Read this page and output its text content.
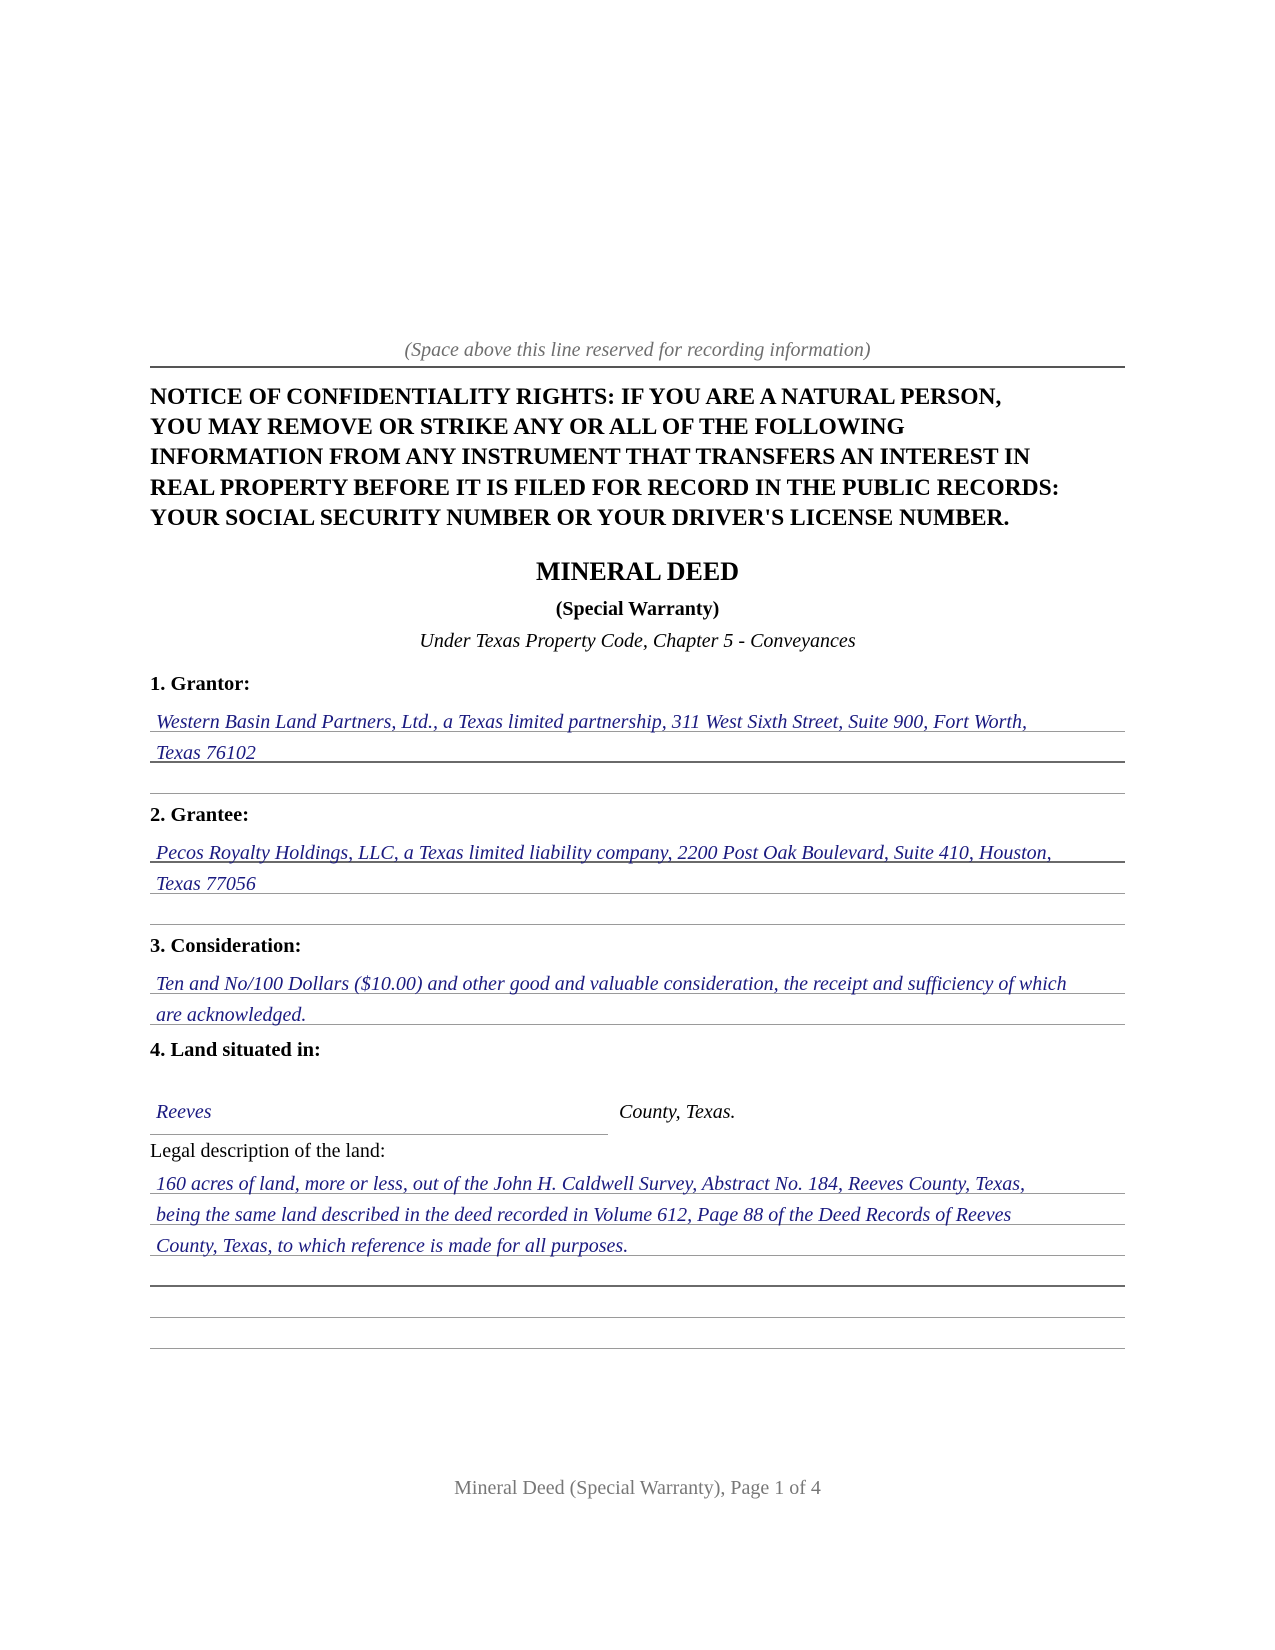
(Space above this line reserved for recording information)
NOTICE OF CONFIDENTIALITY RIGHTS: IF YOU ARE A NATURAL PERSON,
YOU MAY REMOVE OR STRIKE ANY OR ALL OF THE FOLLOWING
INFORMATION FROM ANY INSTRUMENT THAT TRANSFERS AN INTEREST IN
REAL PROPERTY BEFORE IT IS FILED FOR RECORD IN THE PUBLIC RECORDS:
YOUR SOCIAL SECURITY NUMBER OR YOUR DRIVER'S LICENSE NUMBER.
MINERAL DEED
(Special Warranty)
Under Texas Property Code, Chapter 5 - Conveyances
1. Grantor:
Western Basin Land Partners, Ltd., a Texas limited partnership, 311 West Sixth Street, Suite 900, Fort Worth,
Texas 76102
2. Grantee:
Pecos Royalty Holdings, LLC, a Texas limited liability company, 2200 Post Oak Boulevard, Suite 410, Houston,
Texas 77056
3. Consideration:
Ten and No/100 Dollars ($10.00) and other good and valuable consideration, the receipt and sufficiency of which
are acknowledged.
4. Land situated in:
Reeves	County, Texas.
Legal description of the land:
160 acres of land, more or less, out of the John H. Caldwell Survey, Abstract No. 184, Reeves County, Texas,
being the same land described in the deed recorded in Volume 612, Page 88 of the Deed Records of Reeves
County, Texas, to which reference is made for all purposes.
Mineral Deed (Special Warranty), Page 1 of 4
